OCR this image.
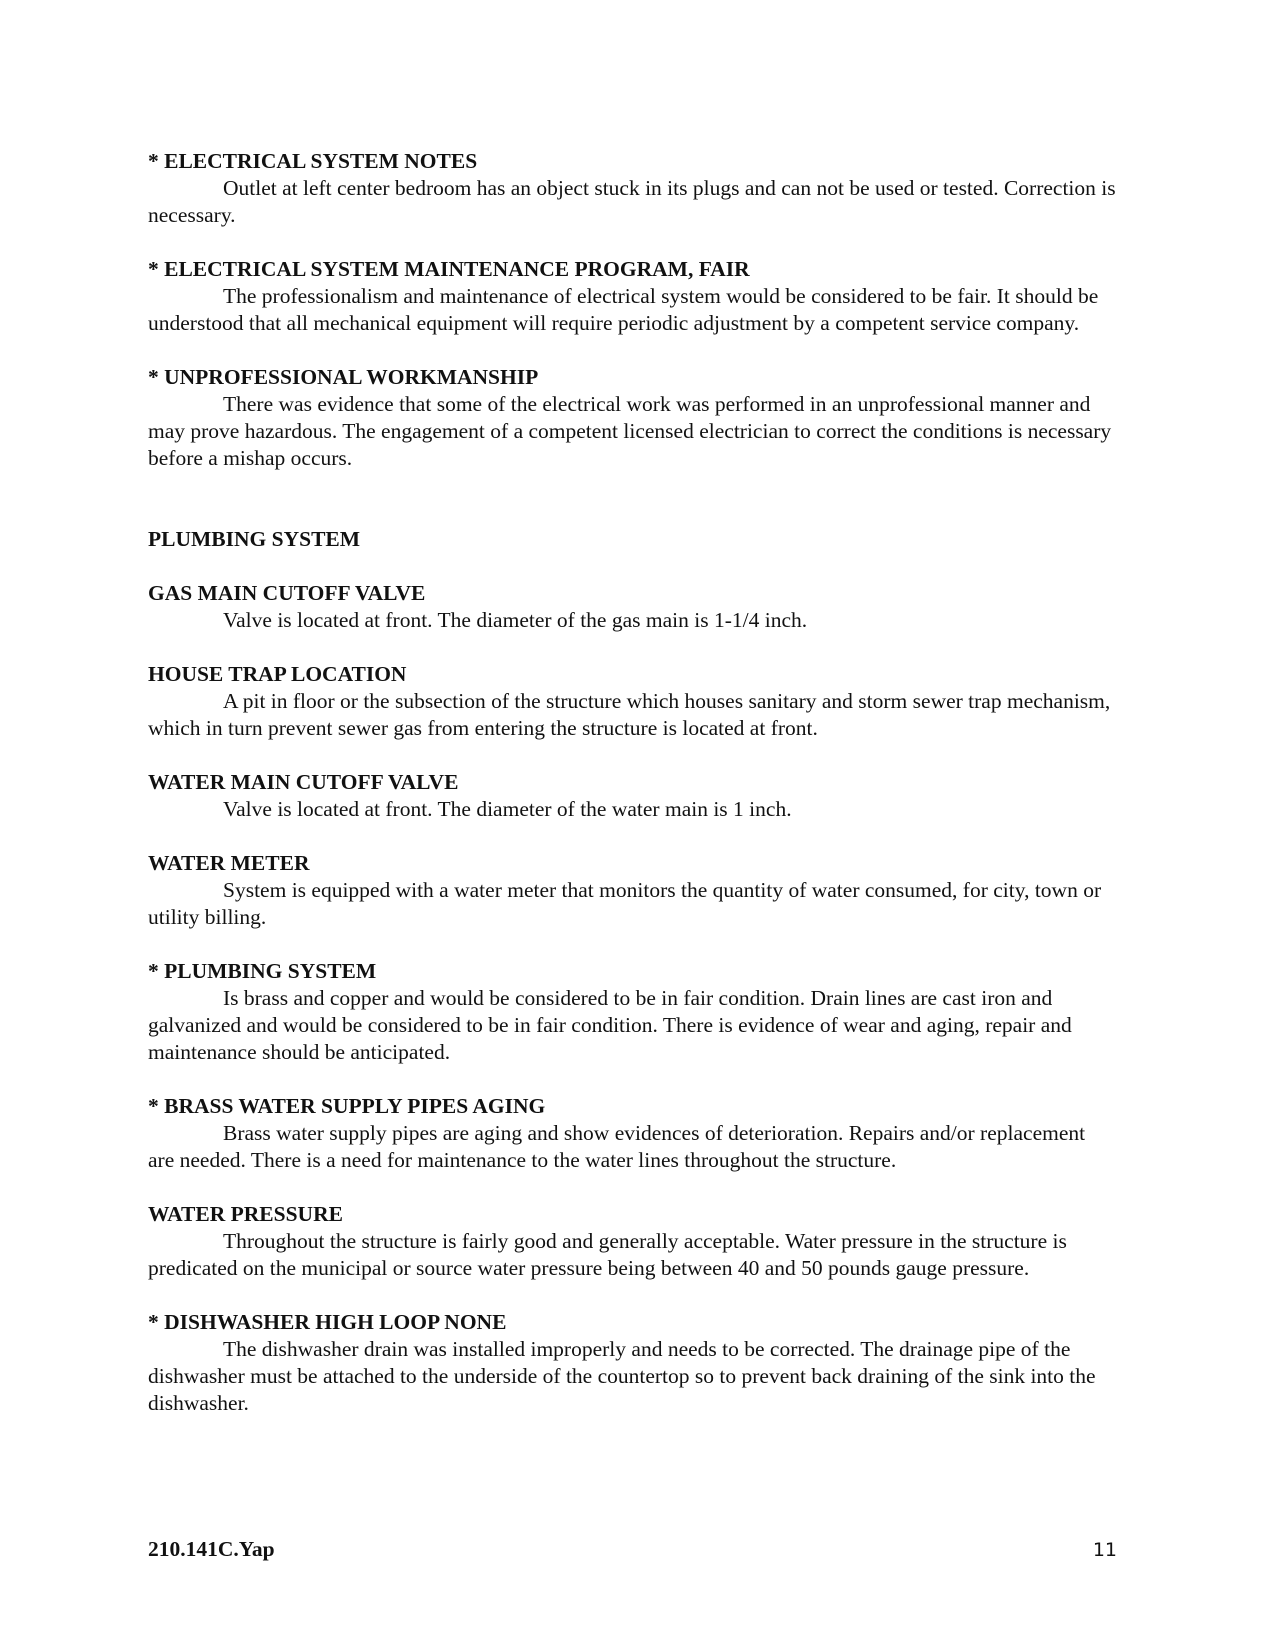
* ELECTRICAL SYSTEM NOTES

Outlet at left center bedroom has an object stuck in its plugs and can not be used or tested. Correction is necessary.

* ELECTRICAL SYSTEM MAINTENANCE PROGRAM, FAIR

The professionalism and maintenance of electrical system would be considered to be fair. It should be understood that all mechanical equipment will require periodic adjustment by a competent service company.

* UNPROFESSIONAL WORKMANSHIP

There was evidence that some of the electrical work was performed in an unprofessional manner and may prove hazardous. The engagement of a competent licensed electrician to correct the conditions is necessary before a mishap occurs.

PLUMBING SYSTEM

GAS MAIN CUTOFF VALVE

Valve is located at front. The diameter of the gas main is 1-1/4 inch.

HOUSE TRAP LOCATION

A pit in floor or the subsection of the structure which houses sanitary and storm sewer trap mechanism, which in turn prevent sewer gas from entering the structure is located at front.

WATER MAIN CUTOFF VALVE

Valve is located at front. The diameter of the water main is 1 inch.

WATER METER

System is equipped with a water meter that monitors the quantity of water consumed, for city, town or utility billing.

* PLUMBING SYSTEM

Is brass and copper and would be considered to be in fair condition. Drain lines are cast iron and galvanized and would be considered to be in fair condition. There is evidence of wear and aging, repair and maintenance should be anticipated.

* BRASS WATER SUPPLY PIPES AGING

Brass water supply pipes are aging and show evidences of deterioration. Repairs and/or replacement are needed. There is a need for maintenance to the water lines throughout the structure.

WATER PRESSURE

Throughout the structure is fairly good and generally acceptable. Water pressure in the structure is predicated on the municipal or source water pressure being between 40 and 50 pounds gauge pressure.

* DISHWASHER HIGH LOOP NONE

The dishwasher drain was installed improperly and needs to be corrected. The drainage pipe of the dishwasher must be attached to the underside of the countertop so to prevent back draining of the sink into the dishwasher.

210.141C.Yap	11
